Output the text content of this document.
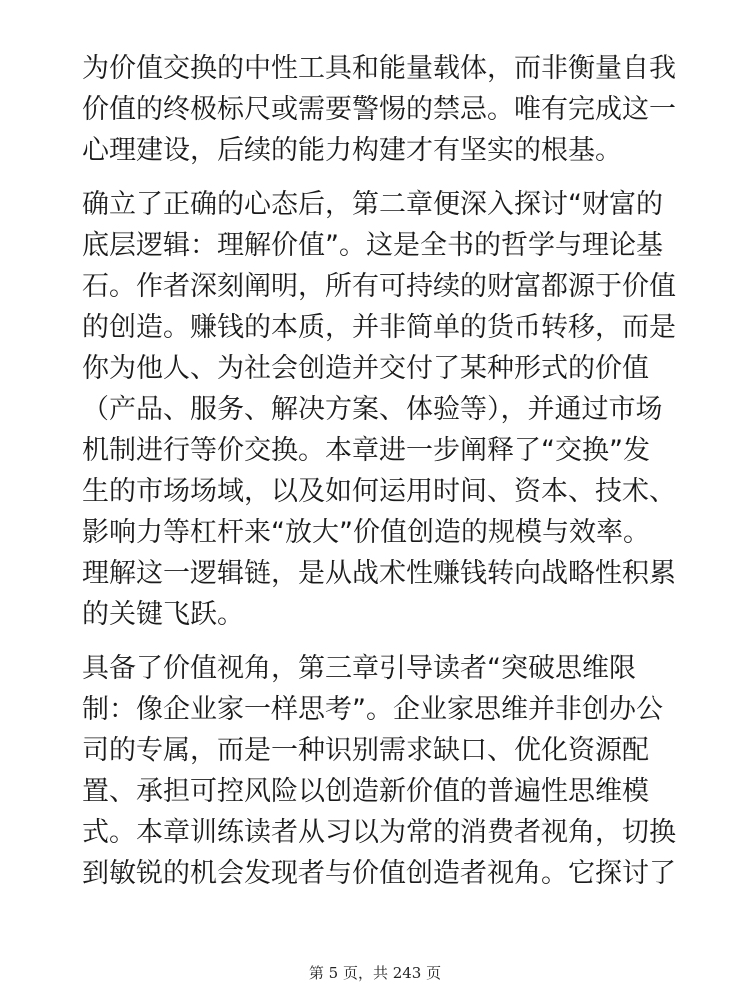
为价值交换的中性工具和能量载体，而非衡量自我
价值的终极标尺或需要警惕的禁忌。唯有完成这一
心理建设，后续的能力构建才有坚实的根基。
确立了正确的心态后，第二章便深入探讨“财富的
底层逻辑：理解价值”。这是全书的哲学与理论基
石。作者深刻阐明，所有可持续的财富都源于价值
的创造。赚钱的本质，并非简单的货币转移，而是
你为他人、为社会创造并交付了某种形式的价值
（产品、服务、解决方案、体验等），并通过市场
机制进行等价交换。本章进一步阐释了“交换”发
生的市场场域，以及如何运用时间、资本、技术、
影响力等杠杆来“放大”价值创造的规模与效率。
理解这一逻辑链，是从战术性赚钱转向战略性积累
的关键飞跃。
具备了价值视角，第三章引导读者“突破思维限
制：像企业家一样思考”。企业家思维并非创办公
司的专属，而是一种识别需求缺口、优化资源配
置、承担可控风险以创造新价值的普遍性思维模
式。本章训练读者从习以为常的消费者视角，切换
到敏锐的机会发现者与价值创造者视角。它探讨了
第 5 页，共 243 页
